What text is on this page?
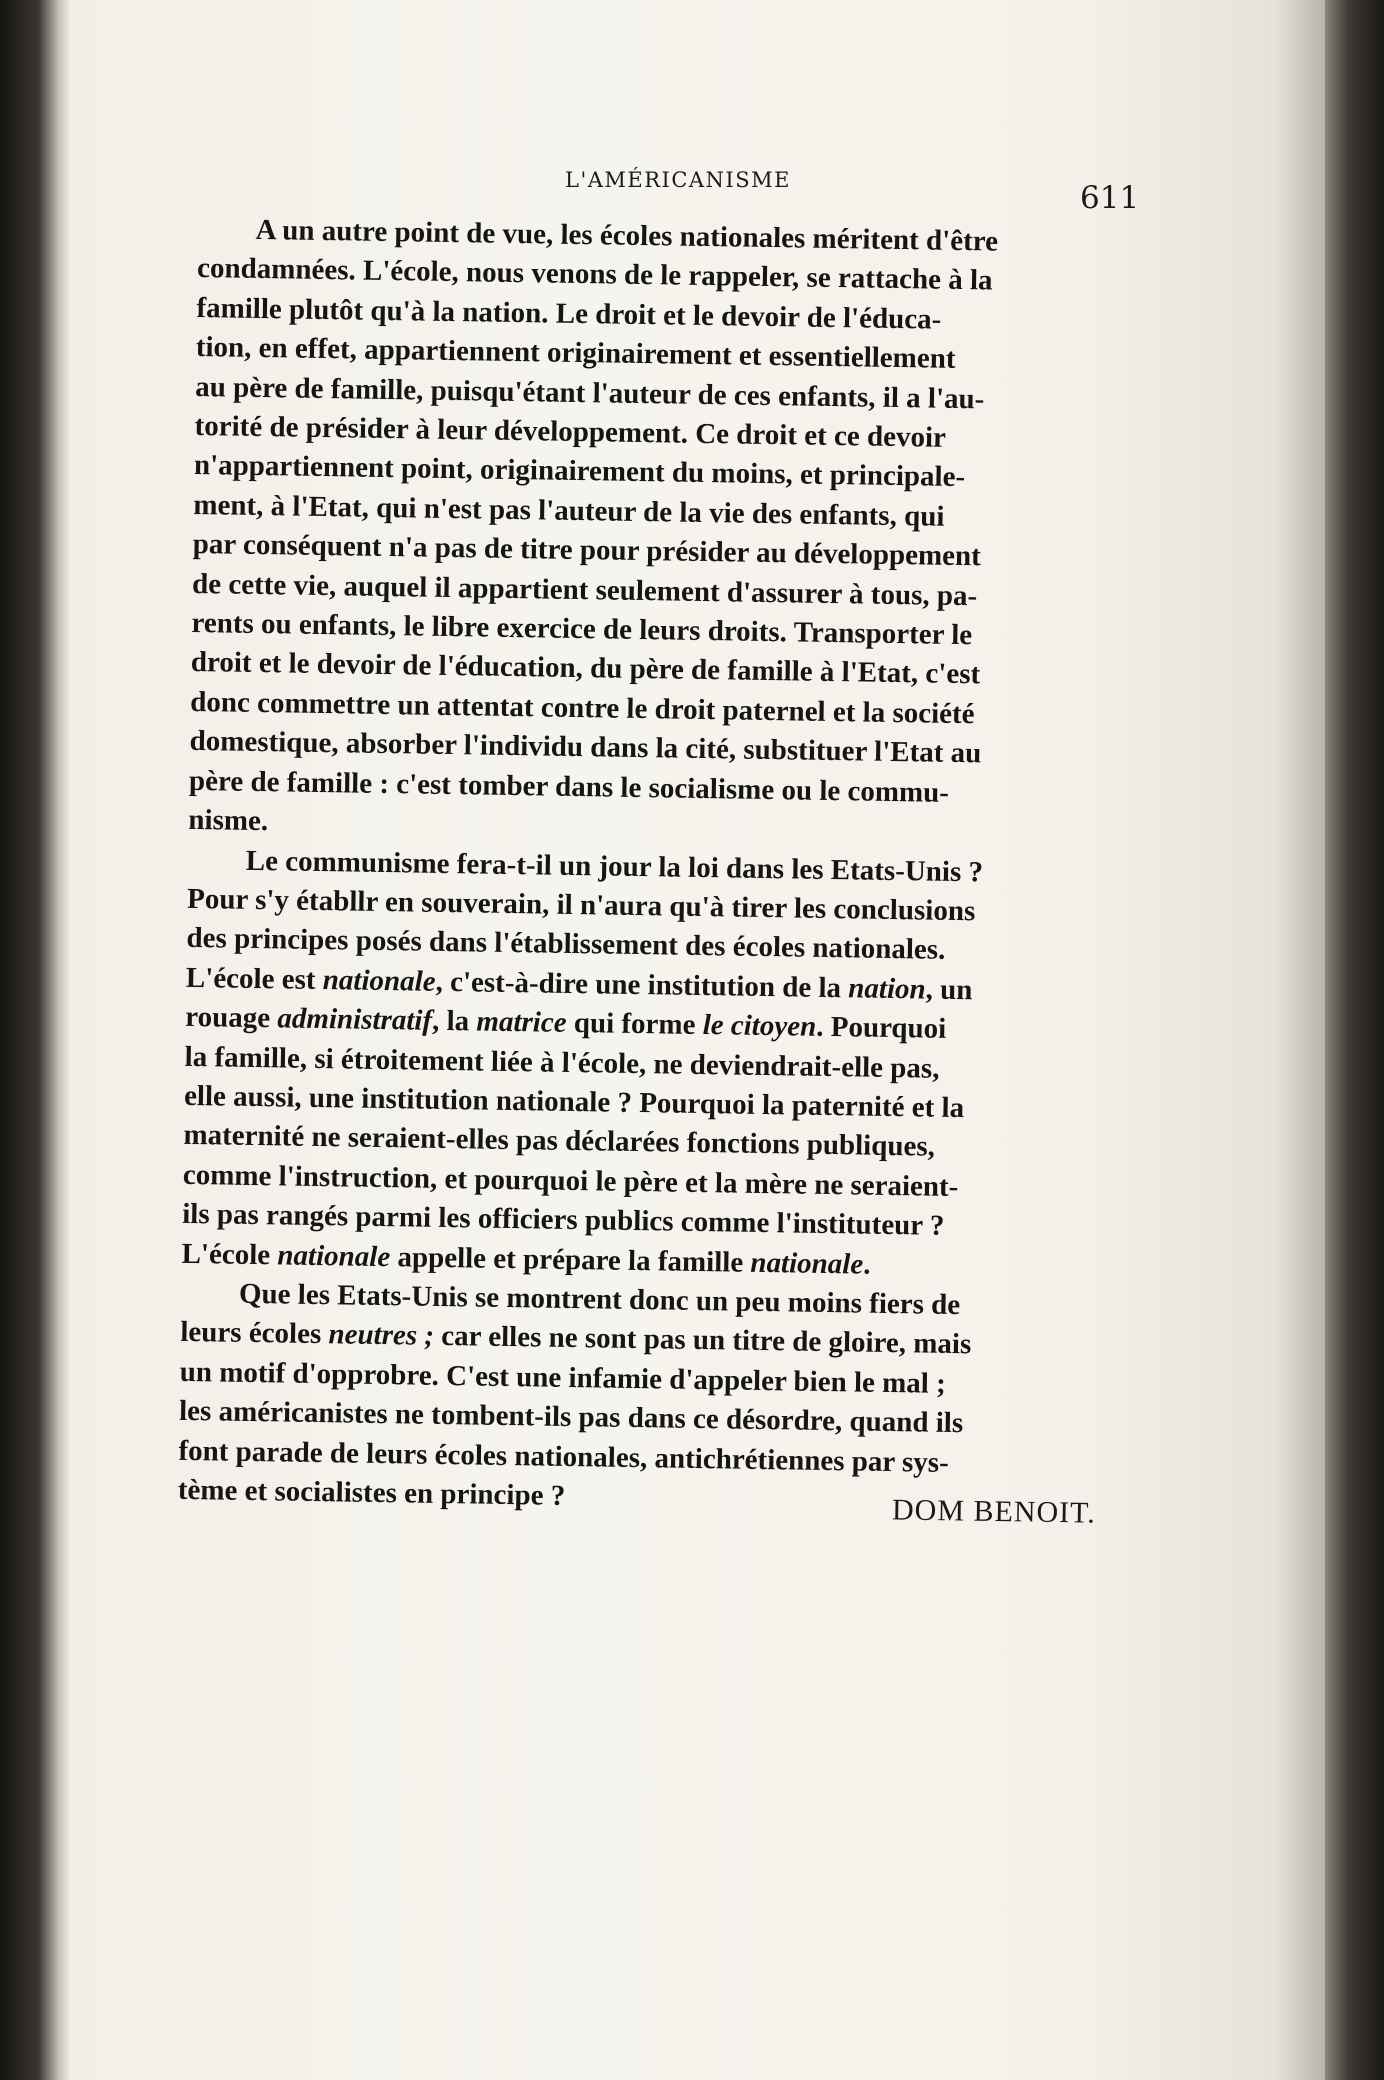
L'AMÉRICANISME	611

A un autre point de vue, les écoles nationales méritent d'être
condamnées. L'école, nous venons de le rappeler, se rattache à la
famille plutôt qu'à la nation. Le droit et le devoir de l'éduca-
tion, en effet, appartiennent originairement et essentiellement
au père de famille, puisqu'étant l'auteur de ces enfants, il a l'au-
torité de présider à leur développement. Ce droit et ce devoir
n'appartiennent point, originairement du moins, et principale-
ment, à l'Etat, qui n'est pas l'auteur de la vie des enfants, qui
par conséquent n'a pas de titre pour présider au développement
de cette vie, auquel il appartient seulement d'assurer à tous, pa-
rents ou enfants, le libre exercice de leurs droits. Transporter le
droit et le devoir de l'éducation, du père de famille à l'Etat, c'est
donc commettre un attentat contre le droit paternel et la société
domestique, absorber l'individu dans la cité, substituer l'Etat au
père de famille : c'est tomber dans le socialisme ou le commu-
nisme.

Le communisme fera-t-il un jour la loi dans les Etats-Unis ?
Pour s'y établlr en souverain, il n'aura qu'à tirer les conclusions
des principes posés dans l'établissement des écoles nationales.
L'école est nationale, c'est-à-dire une institution de la nation, un
rouage administratif, la matrice qui forme le citoyen. Pourquoi
la famille, si étroitement liée à l'école, ne deviendrait-elle pas,
elle aussi, une institution nationale ? Pourquoi la paternité et la
maternité ne seraient-elles pas déclarées fonctions publiques,
comme l'instruction, et pourquoi le père et la mère ne seraient-
ils pas rangés parmi les officiers publics comme l'instituteur ?
L'école nationale appelle et prépare la famille nationale.

Que les Etats-Unis se montrent donc un peu moins fiers de
leurs écoles neutres ; car elles ne sont pas un titre de gloire, mais
un motif d'opprobre. C'est une infamie d'appeler bien le mal ;
les américanistes ne tombent-ils pas dans ce désordre, quand ils
font parade de leurs écoles nationales, antichrétiennes par sys-
tème et socialistes en principe ?	DOM BENOIT.
